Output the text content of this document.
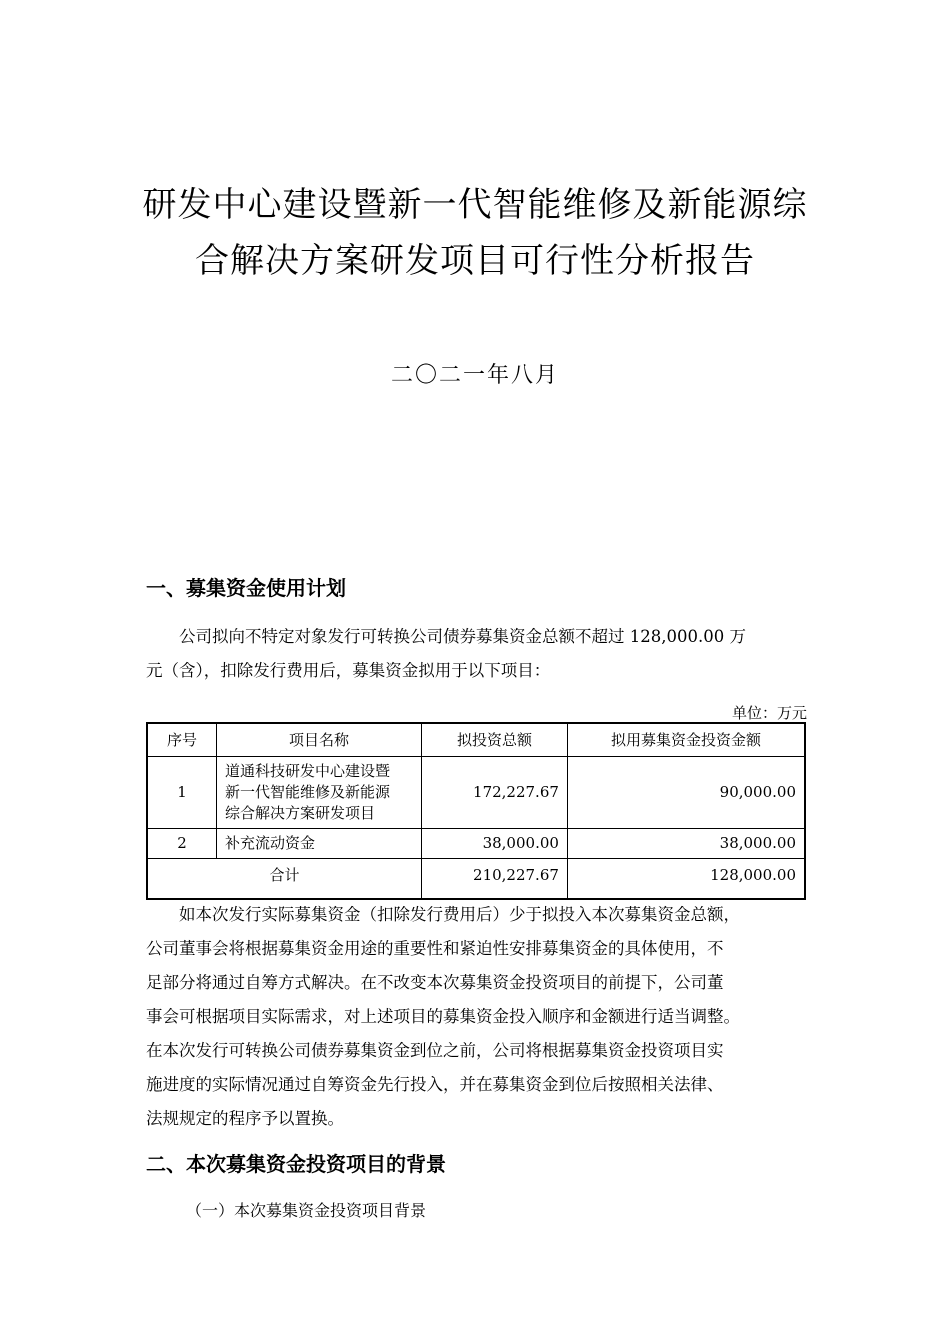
研发中心建设暨新一代智能维修及新能源综
合解决方案研发项目可行性分析报告
二〇二一年八月
一、募集资金使用计划
公司拟向不特定对象发行可转换公司债券募集资金总额不超过 128,000.00 万
元（含），扣除发行费用后，募集资金拟用于以下项目：
单位：万元
序号	项目名称	拟投资总额	拟用募集资金投资金额
1	道通科技研发中心建设暨
新一代智能维修及新能源
综合解决方案研发项目	172,227.67	90,000.00
2	补充流动资金	38,000.00	38,000.00
合计		210,227.67	128,000.00
如本次发行实际募集资金（扣除发行费用后）少于拟投入本次募集资金总额，
公司董事会将根据募集资金用途的重要性和紧迫性安排募集资金的具体使用，不
足部分将通过自筹方式解决。在不改变本次募集资金投资项目的前提下，公司董
事会可根据项目实际需求，对上述项目的募集资金投入顺序和金额进行适当调整。
在本次发行可转换公司债券募集资金到位之前，公司将根据募集资金投资项目实
施进度的实际情况通过自筹资金先行投入，并在募集资金到位后按照相关法律、
法规规定的程序予以置换。
二、本次募集资金投资项目的背景
（一）本次募集资金投资项目背景
